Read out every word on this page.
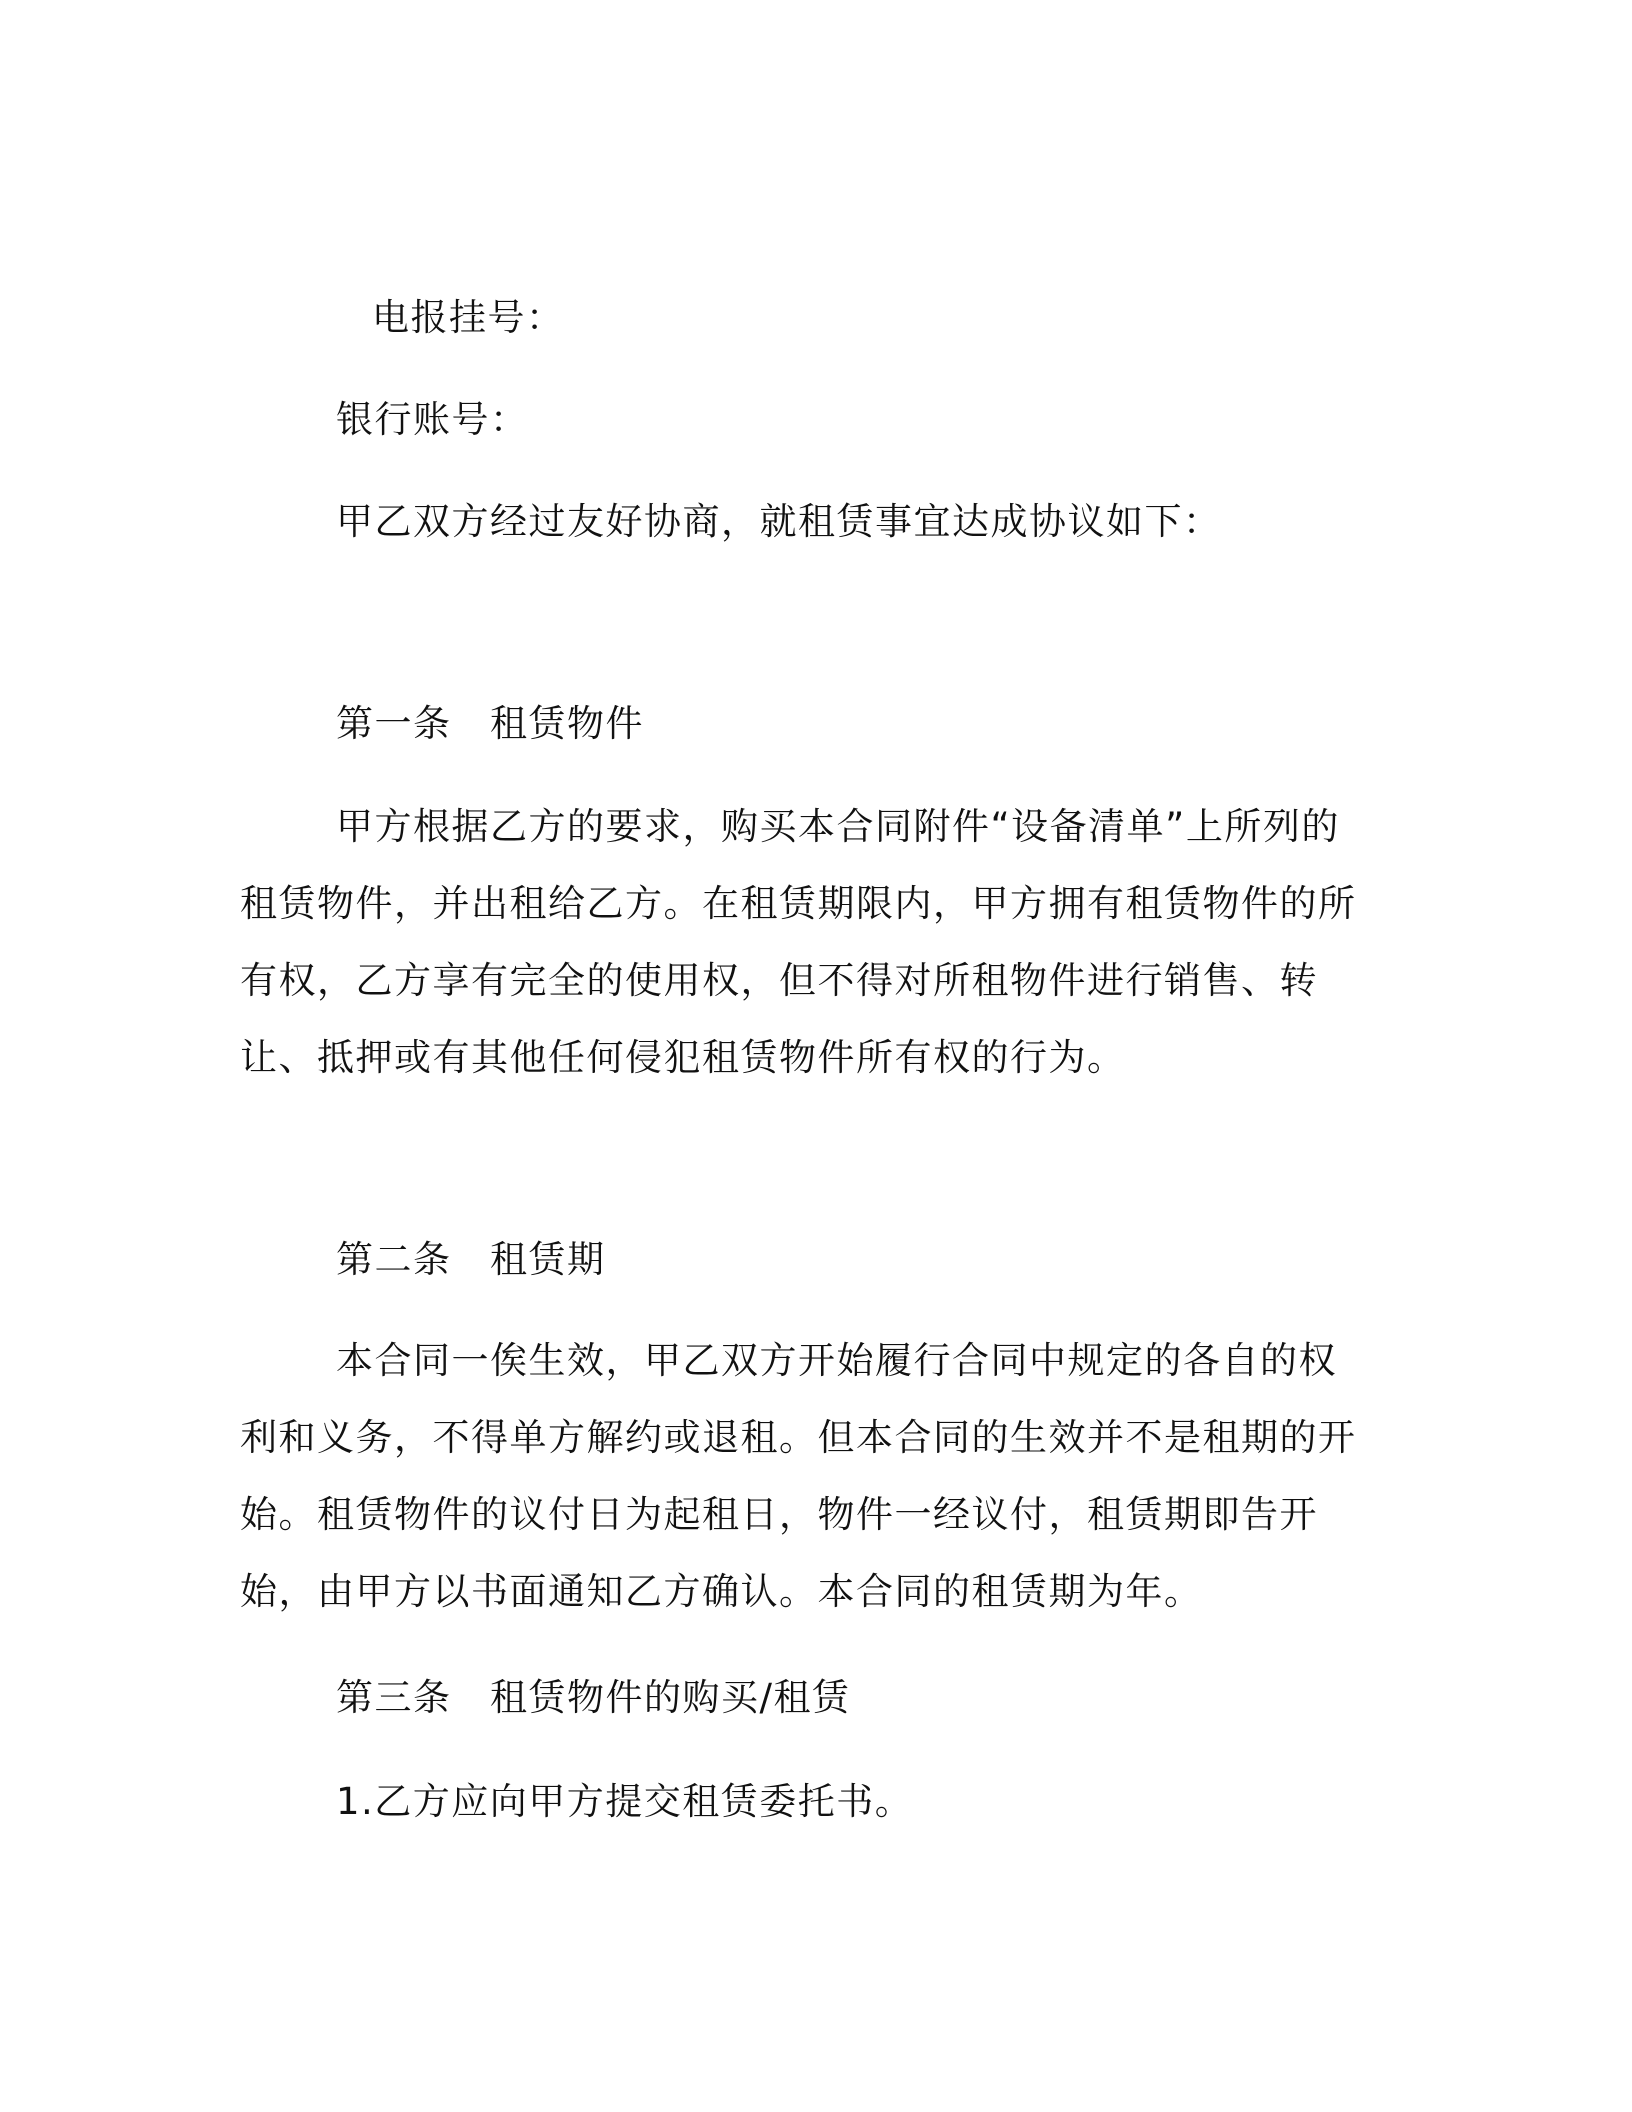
电报挂号：

银行账号：

甲乙双方经过友好协商，就租赁事宜达成协议如下：

第一条　租赁物件

甲方根据乙方的要求，购买本合同附件“设备清单”上所列的租赁物件，并出租给乙方。在租赁期限内，甲方拥有租赁物件的所有权，乙方享有完全的使用权，但不得对所租物件进行销售、转让、抵押或有其他任何侵犯租赁物件所有权的行为。

第二条　租赁期

本合同一俟生效，甲乙双方开始履行合同中规定的各自的权利和义务，不得单方解约或退租。但本合同的生效并不是租期的开始。租赁物件的议付日为起租日，物件一经议付，租赁期即告开始，由甲方以书面通知乙方确认。本合同的租赁期为年。

第三条　租赁物件的购买/租赁

1.乙方应向甲方提交租赁委托书。
